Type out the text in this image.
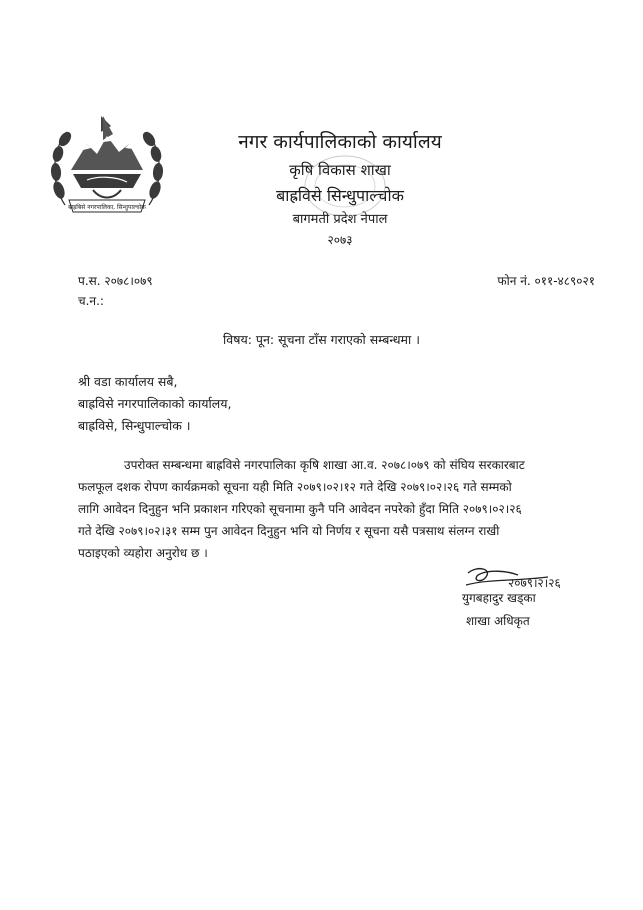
बाह्रबिसे नगरपालिका, सिन्धुपाल्चोक
नगर कार्यपालिकाको कार्यालय
कृषि विकास शाखा
बाह्रविसे सिन्धुपाल्चोक
बागमती प्रदेश नेपाल
२०७३
प.स. २०७८।०७९	फोन नं. ०११-४८९०२१
च.न.:
विषय: पून: सूचना टाँस गराएको सम्बन्धमा ।
श्री वडा कार्यालय सबै,
बाह्रविसे नगरपालिकाको कार्यालय,
बाह्रविसे, सिन्धुपाल्चोक ।
उपरोक्त सम्बन्धमा बाह्रविसे नगरपालिका कृषि शाखा आ.व. २०७८।०७९ को संघिय सरकारबाट
फलफूल दशक रोपण कार्यक्रमको सूचना यही मिति २०७९।०२।१२ गते देखि २०७९।०२।२६ गते सम्मको
लागि आवेदन दिनुहुन भनि प्रकाशन गरिएको सूचनामा कुनै पनि आवेदन नपरेको हुँदा मिति २०७९।०२।२६
गते देखि २०७९।०२।३१ सम्म पुन आवेदन दिनुहुन भनि यो निर्णय र सूचना यसै पत्रसाथ संलग्न राखी
पठाइएको व्यहोरा अनुरोध छ ।
२०७९।२।२६
युगबहादुर खड्का
शाखा अधिकृत
